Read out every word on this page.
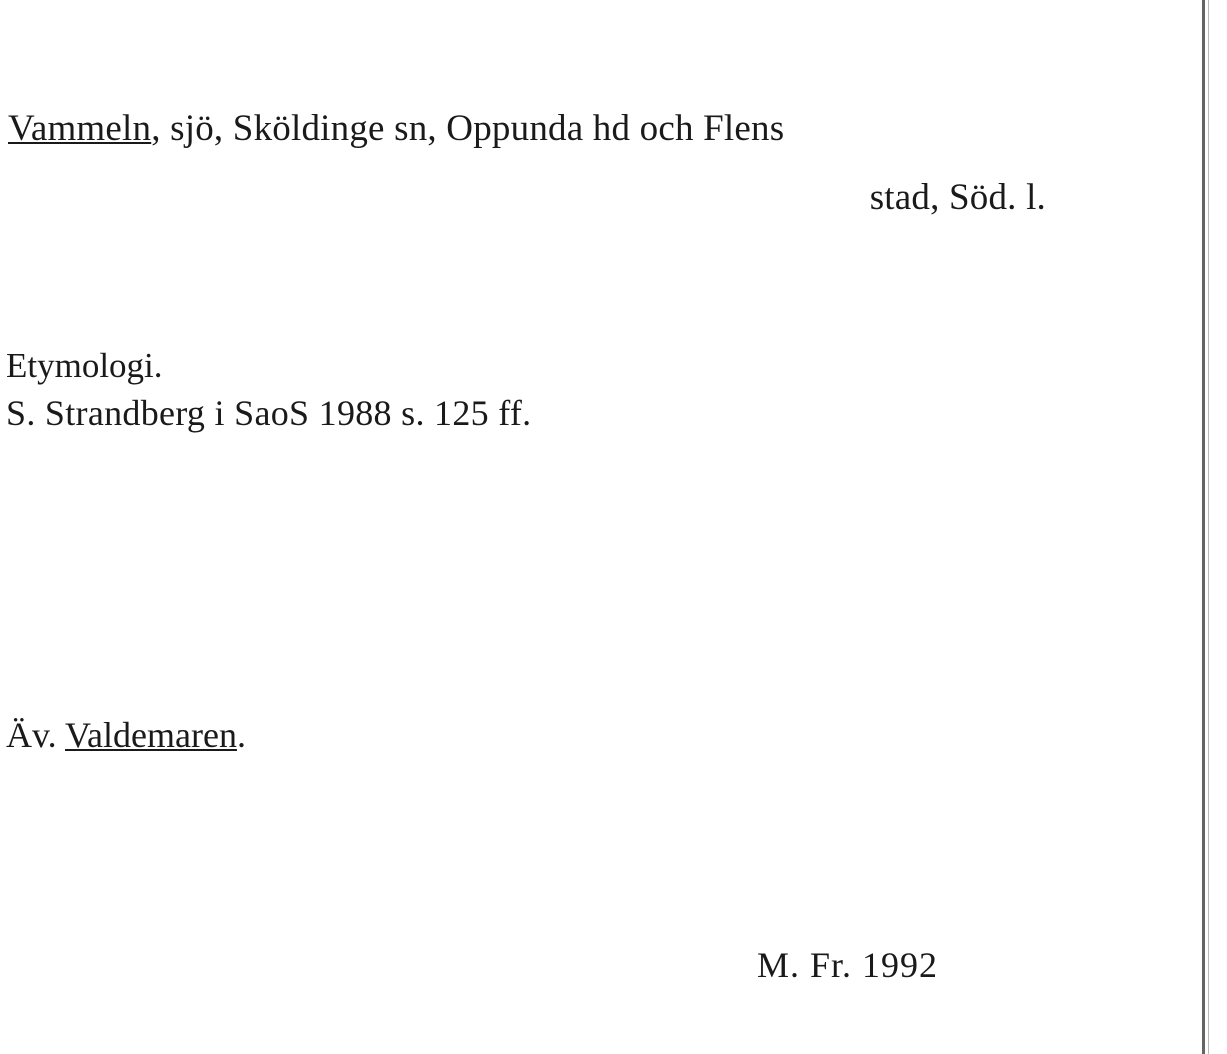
Vammeln, sjö, Sköldinge sn, Oppunda hd och Flens
stad, Söd. l.
Etymologi.
S. Strandberg i SaoS 1988 s. 125 ff.
Äv. Valdemaren.
M. Fr. 1992
